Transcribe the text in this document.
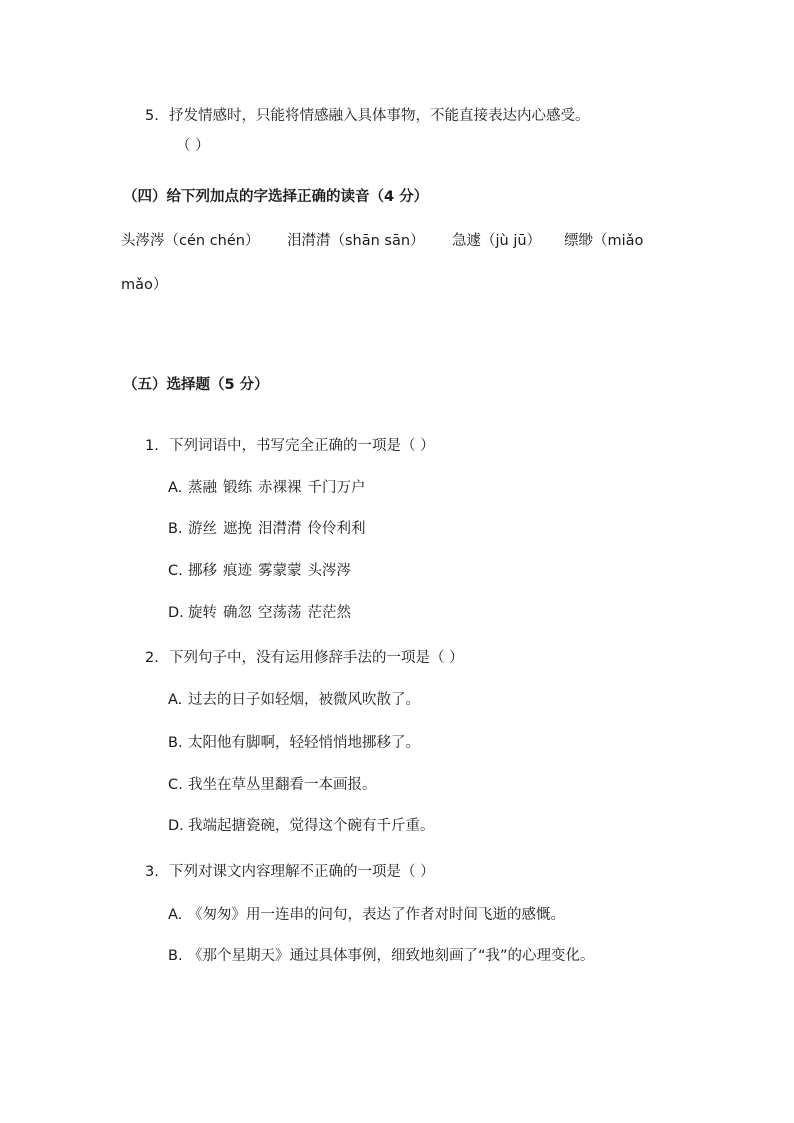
5. 抒发情感时，只能将情感融入具体事物，不能直接表达内心感受。
（ ）
（四）给下列加点的字选择正确的读音（4 分）
头涔涔（cén chén） 泪潸潸（shān sān） 急遽（jù jū） 缥缈（miǎo
mǎo）
（五）选择题（5 分）
1. 下列词语中，书写完全正确的一项是（ ）
A. 蒸融 锻练 赤裸裸 千门万户
B. 游丝 遮挽 泪潸潸 伶伶利利
C. 挪移 痕迹 雾蒙蒙 头涔涔
D. 旋转 确忽 空荡荡 茫茫然
2. 下列句子中，没有运用修辞手法的一项是（ ）
A. 过去的日子如轻烟，被微风吹散了。
B. 太阳他有脚啊，轻轻悄悄地挪移了。
C. 我坐在草丛里翻看一本画报。
D. 我端起搪瓷碗，觉得这个碗有千斤重。
3. 下列对课文内容理解不正确的一项是（ ）
A. 《匆匆》用一连串的问句，表达了作者对时间飞逝的感慨。
B. 《那个星期天》通过具体事例，细致地刻画了“我”的心理变化。
